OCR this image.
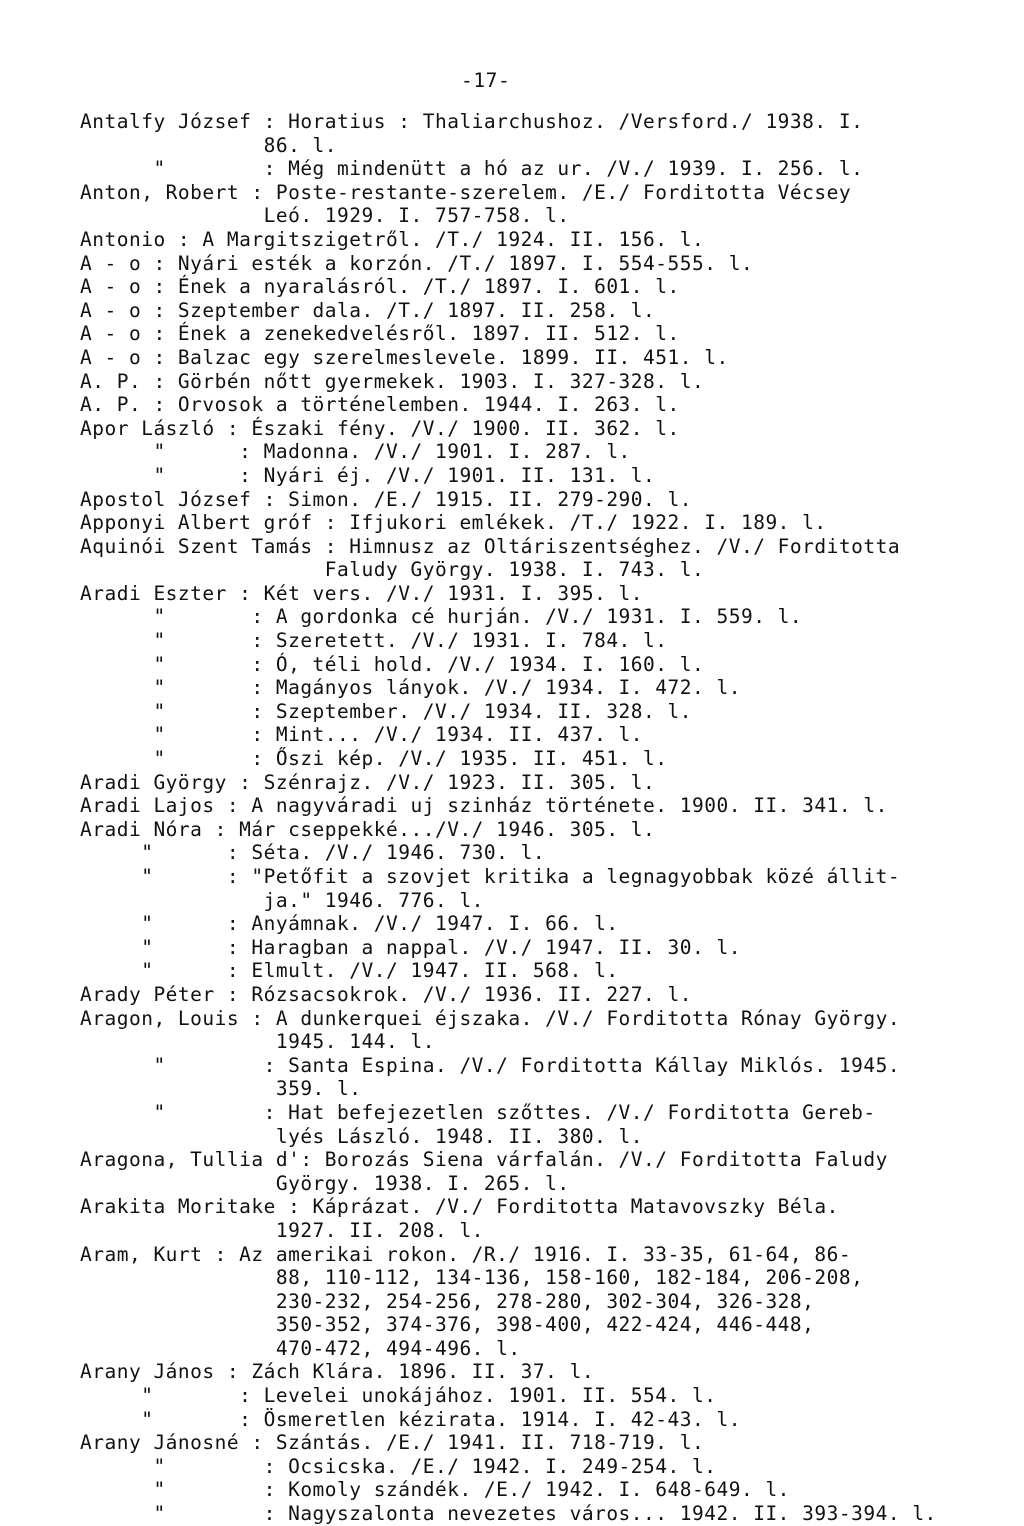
-17-
Antalfy József : Horatius : Thaliarchushoz. /Versford./ 1938. I.
86. l.
"        : Még mindenütt a hó az ur. /V./ 1939. I. 256. l.
Anton, Robert : Poste-restante-szerelem. /E./ Forditotta Vécsey
Leó. 1929. I. 757-758. l.
Antonio : A Margitszigetről. /T./ 1924. II. 156. l.
A - o : Nyári esték a korzón. /T./ 1897. I. 554-555. l.
A - o : Ének a nyaralásról. /T./ 1897. I. 601. l.
A - o : Szeptember dala. /T./ 1897. II. 258. l.
A - o : Ének a zenekedvelésről. 1897. II. 512. l.
A - o : Balzac egy szerelmeslevele. 1899. II. 451. l.
A. P. : Görbén nőtt gyermekek. 1903. I. 327-328. l.
A. P. : Orvosok a történelemben. 1944. I. 263. l.
Apor László : Északi fény. /V./ 1900. II. 362. l.
"      : Madonna. /V./ 1901. I. 287. l.
"      : Nyári éj. /V./ 1901. II. 131. l.
Apostol József : Simon. /E./ 1915. II. 279-290. l.
Apponyi Albert gróf : Ifjukori emlékek. /T./ 1922. I. 189. l.
Aquinói Szent Tamás : Himnusz az Oltáriszentséghez. /V./ Forditotta
Faludy György. 1938. I. 743. l.
Aradi Eszter : Két vers. /V./ 1931. I. 395. l.
"       : A gordonka cé hurján. /V./ 1931. I. 559. l.
"       : Szeretett. /V./ 1931. I. 784. l.
"       : Ó, téli hold. /V./ 1934. I. 160. l.
"       : Magányos lányok. /V./ 1934. I. 472. l.
"       : Szeptember. /V./ 1934. II. 328. l.
"       : Mint... /V./ 1934. II. 437. l.
"       : Őszi kép. /V./ 1935. II. 451. l.
Aradi György : Szénrajz. /V./ 1923. II. 305. l.
Aradi Lajos : A nagyváradi uj szinház története. 1900. II. 341. l.
Aradi Nóra : Már cseppekké.../V./ 1946. 305. l.
"      : Séta. /V./ 1946. 730. l.
"      : "Petőfit a szovjet kritika a legnagyobbak közé állit-
ja." 1946. 776. l.
"      : Anyámnak. /V./ 1947. I. 66. l.
"      : Haragban a nappal. /V./ 1947. II. 30. l.
"      : Elmult. /V./ 1947. II. 568. l.
Arady Péter : Rózsacsokrok. /V./ 1936. II. 227. l.
Aragon, Louis : A dunkerquei éjszaka. /V./ Forditotta Rónay György.
1945. 144. l.
"        : Santa Espina. /V./ Forditotta Kállay Miklós. 1945.
359. l.
"        : Hat befejezetlen szőttes. /V./ Forditotta Gereb-
lyés László. 1948. II. 380. l.
Aragona, Tullia d': Borozás Siena várfalán. /V./ Forditotta Faludy
György. 1938. I. 265. l.
Arakita Moritake : Káprázat. /V./ Forditotta Matavovszky Béla.
1927. II. 208. l.
Aram, Kurt : Az amerikai rokon. /R./ 1916. I. 33-35, 61-64, 86-
88, 110-112, 134-136, 158-160, 182-184, 206-208,
230-232, 254-256, 278-280, 302-304, 326-328,
350-352, 374-376, 398-400, 422-424, 446-448,
470-472, 494-496. l.
Arany János : Zách Klára. 1896. II. 37. l.
"       : Levelei unokájához. 1901. II. 554. l.
"       : Ösmeretlen kézirata. 1914. I. 42-43. l.
Arany Jánosné : Szántás. /E./ 1941. II. 718-719. l.
"        : Ocsicska. /E./ 1942. I. 249-254. l.
"        : Komoly szándék. /E./ 1942. I. 648-649. l.
"        : Nagyszalonta nevezetes város... 1942. II. 393-394. l.
